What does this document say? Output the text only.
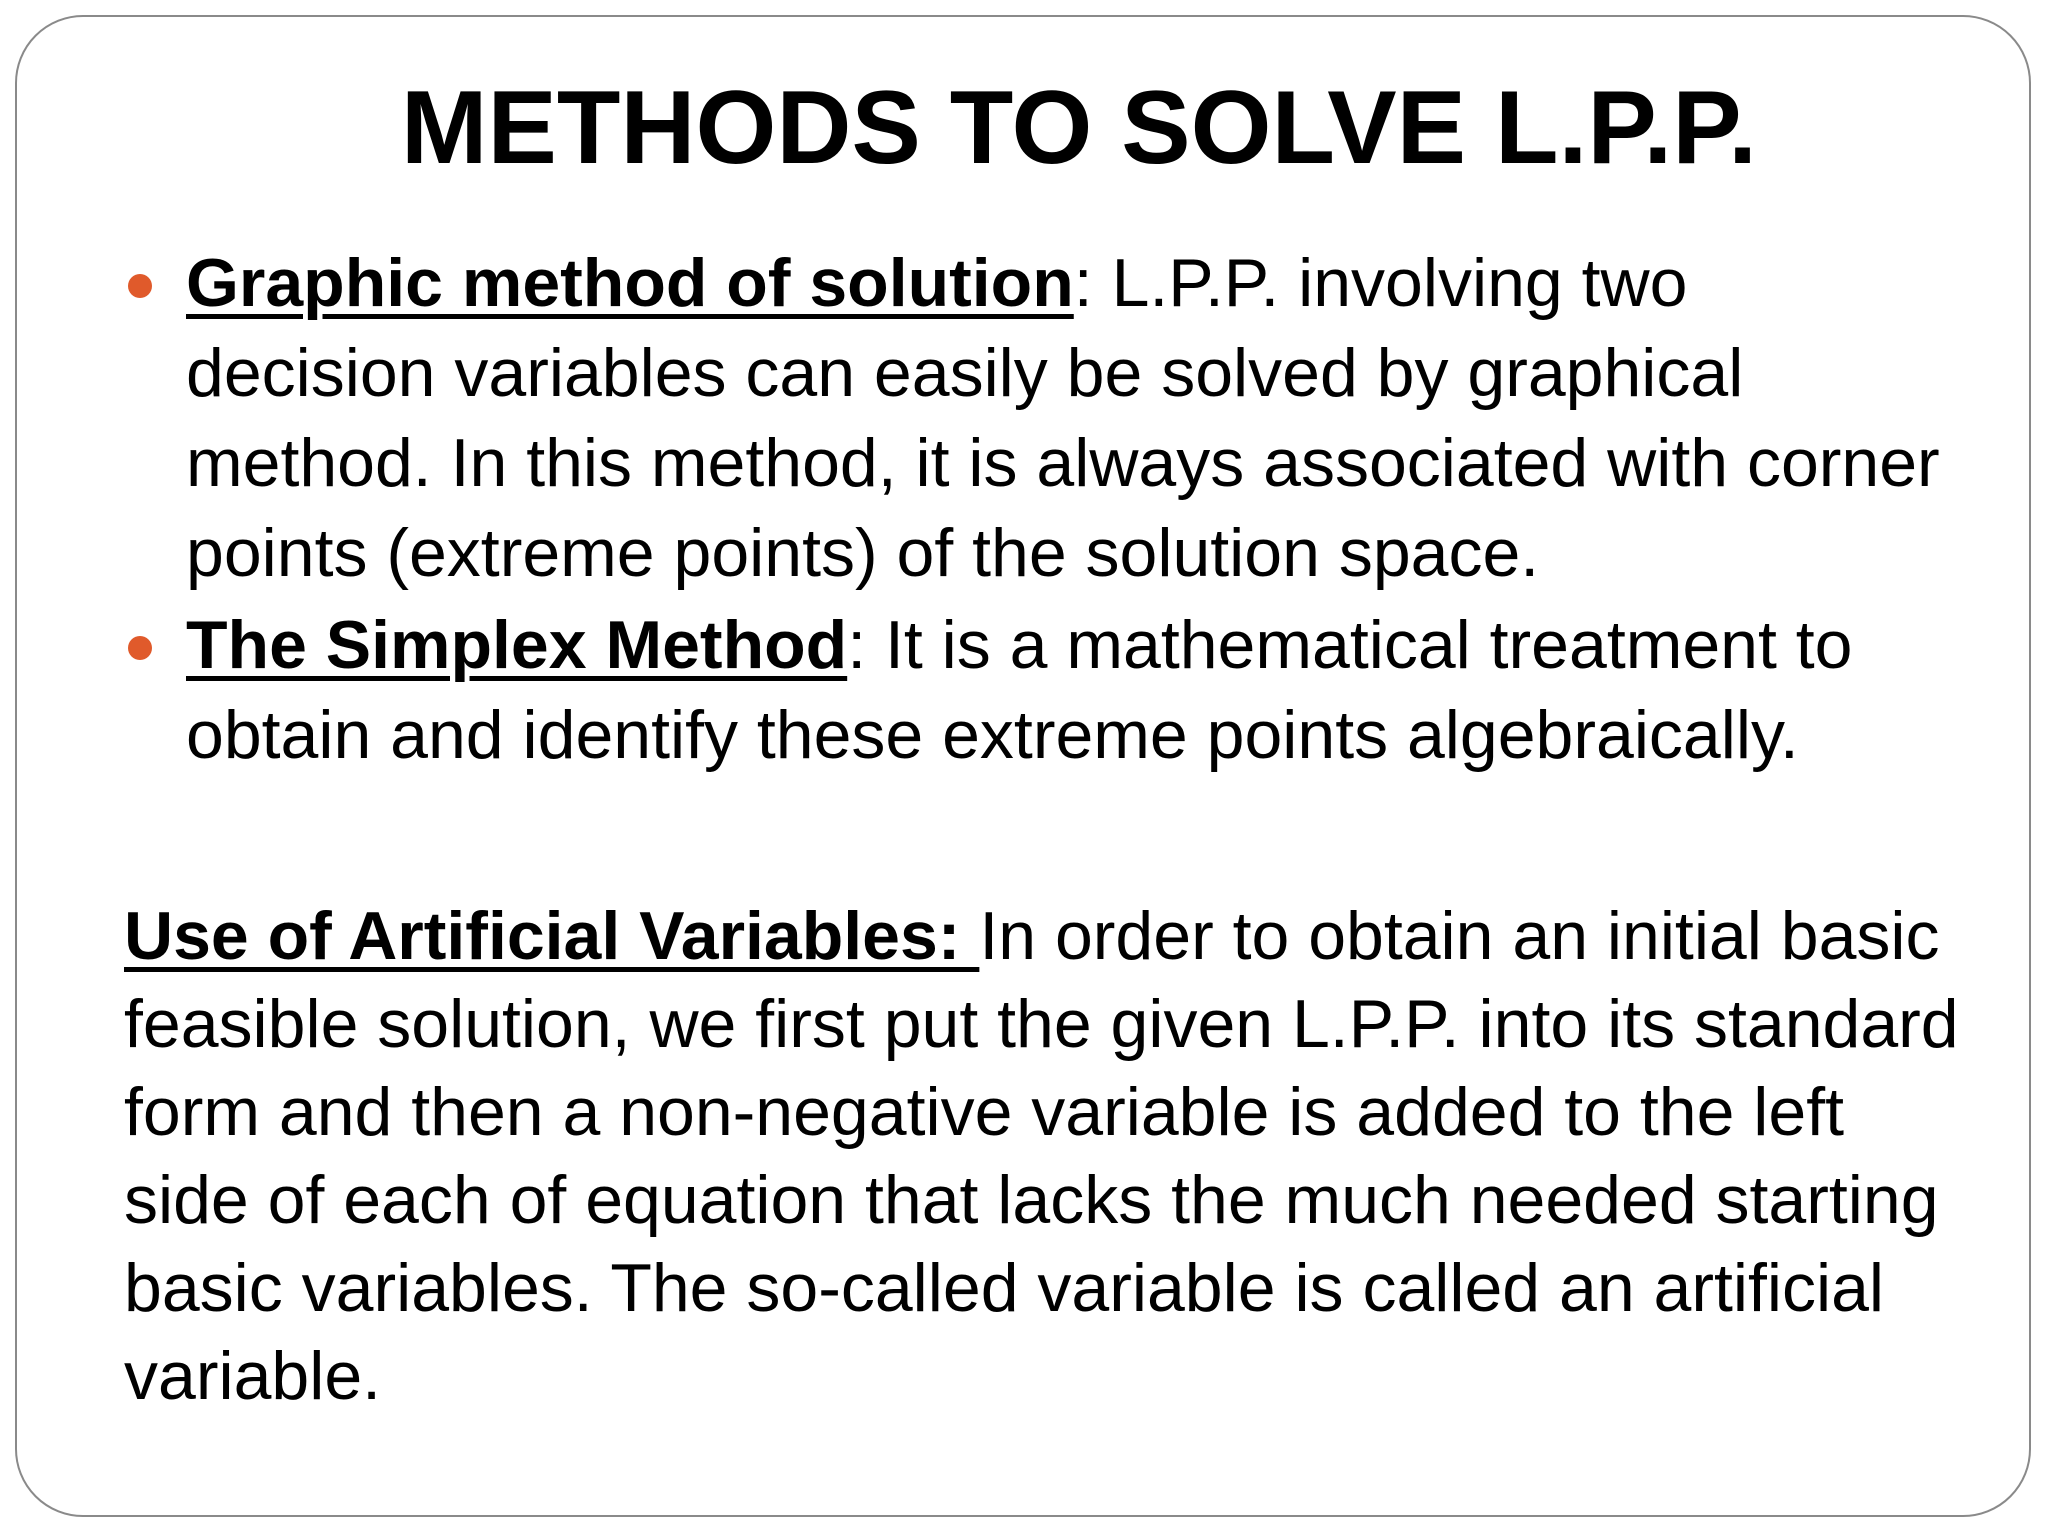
METHODS TO SOLVE L.P.P.
Graphic method of solution: L.P.P. involving two decision variables can easily be solved by graphical method. In this method, it is always associated with corner points (extreme points) of the solution space.
The Simplex Method: It is a mathematical treatment to obtain and identify these extreme points algebraically.

Use of Artificial Variables: In order to obtain an initial basic feasible solution, we first put the given L.P.P. into its standard form and then a non-negative variable is added to the left side of each of equation that lacks the much needed starting basic variables. The so-called variable is called an artificial variable.
